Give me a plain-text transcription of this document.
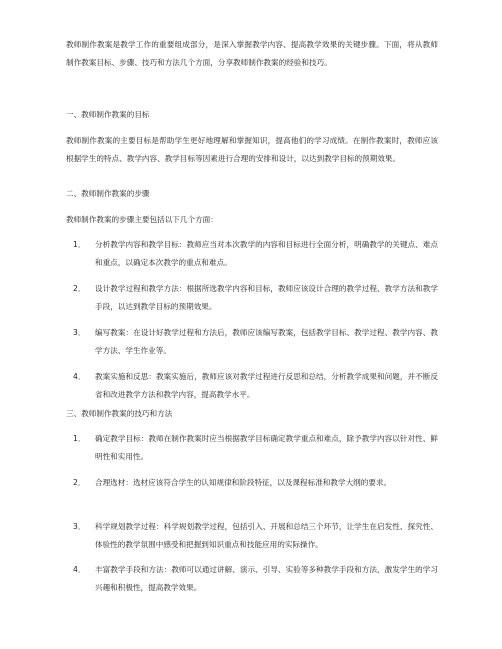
教师制作教案是教学工作的重要组成部分，是深入掌握教学内容、提高教学效果的关键步骤。下面，将从教师制作教案目标、步骤、技巧和方法几个方面，分享教师制作教案的经验和技巧。

一、教师制作教案的目标

教师制作教案的主要目标是帮助学生更好地理解和掌握知识，提高他们的学习成绩。在制作教案时，教师应该根据学生的特点、教学内容、教学目标等因素进行合理的安排和设计，以达到教学目标的预期效果。

二、教师制作教案的步骤

教师制作教案的步骤主要包括以下几个方面：

1． 分析教学内容和教学目标：教师应当对本次教学的内容和目标进行全面分析，明确教学的关键点、难点和重点，以确定本次教学的重点和难点。

2． 设计教学过程和教学方法：根据所选教学内容和目标，教师应该设计合理的教学过程、教学方法和教学手段，以达到教学目标的预期效果。

3． 编写教案：在设计好教学过程和方法后，教师应该编写教案，包括教学目标、教学过程、教学内容、教学方法、学生作业等。

4． 教案实施和反思：教案实施后，教师应该对教学过程进行反思和总结，分析教学成果和问题，并不断反省和改进教学方法和教学内容，提高教学水平。

三、教师制作教案的技巧和方法
1． 确定教学目标：教师在制作教案时应当根据教学目标确定教学重点和难点，除予教学内容以针对性、鲜明性和实用性。

2． 合理选材：选材应该符合学生的认知规律和阶段特征，以及课程标准和教学大纲的要求。

3． 科学规划教学过程：科学规划教学过程，包括引入、开展和总结三个环节，让学生在启发性、探究性、体验性的教学氛围中感受和把握到知识重点和技能应用的实际操作。

4． 丰富教学手段和方法：教师可以通过讲解、演示、引导、实验等多种教学手段和方法，激发学生的学习兴趣和积极性，提高教学效果。
